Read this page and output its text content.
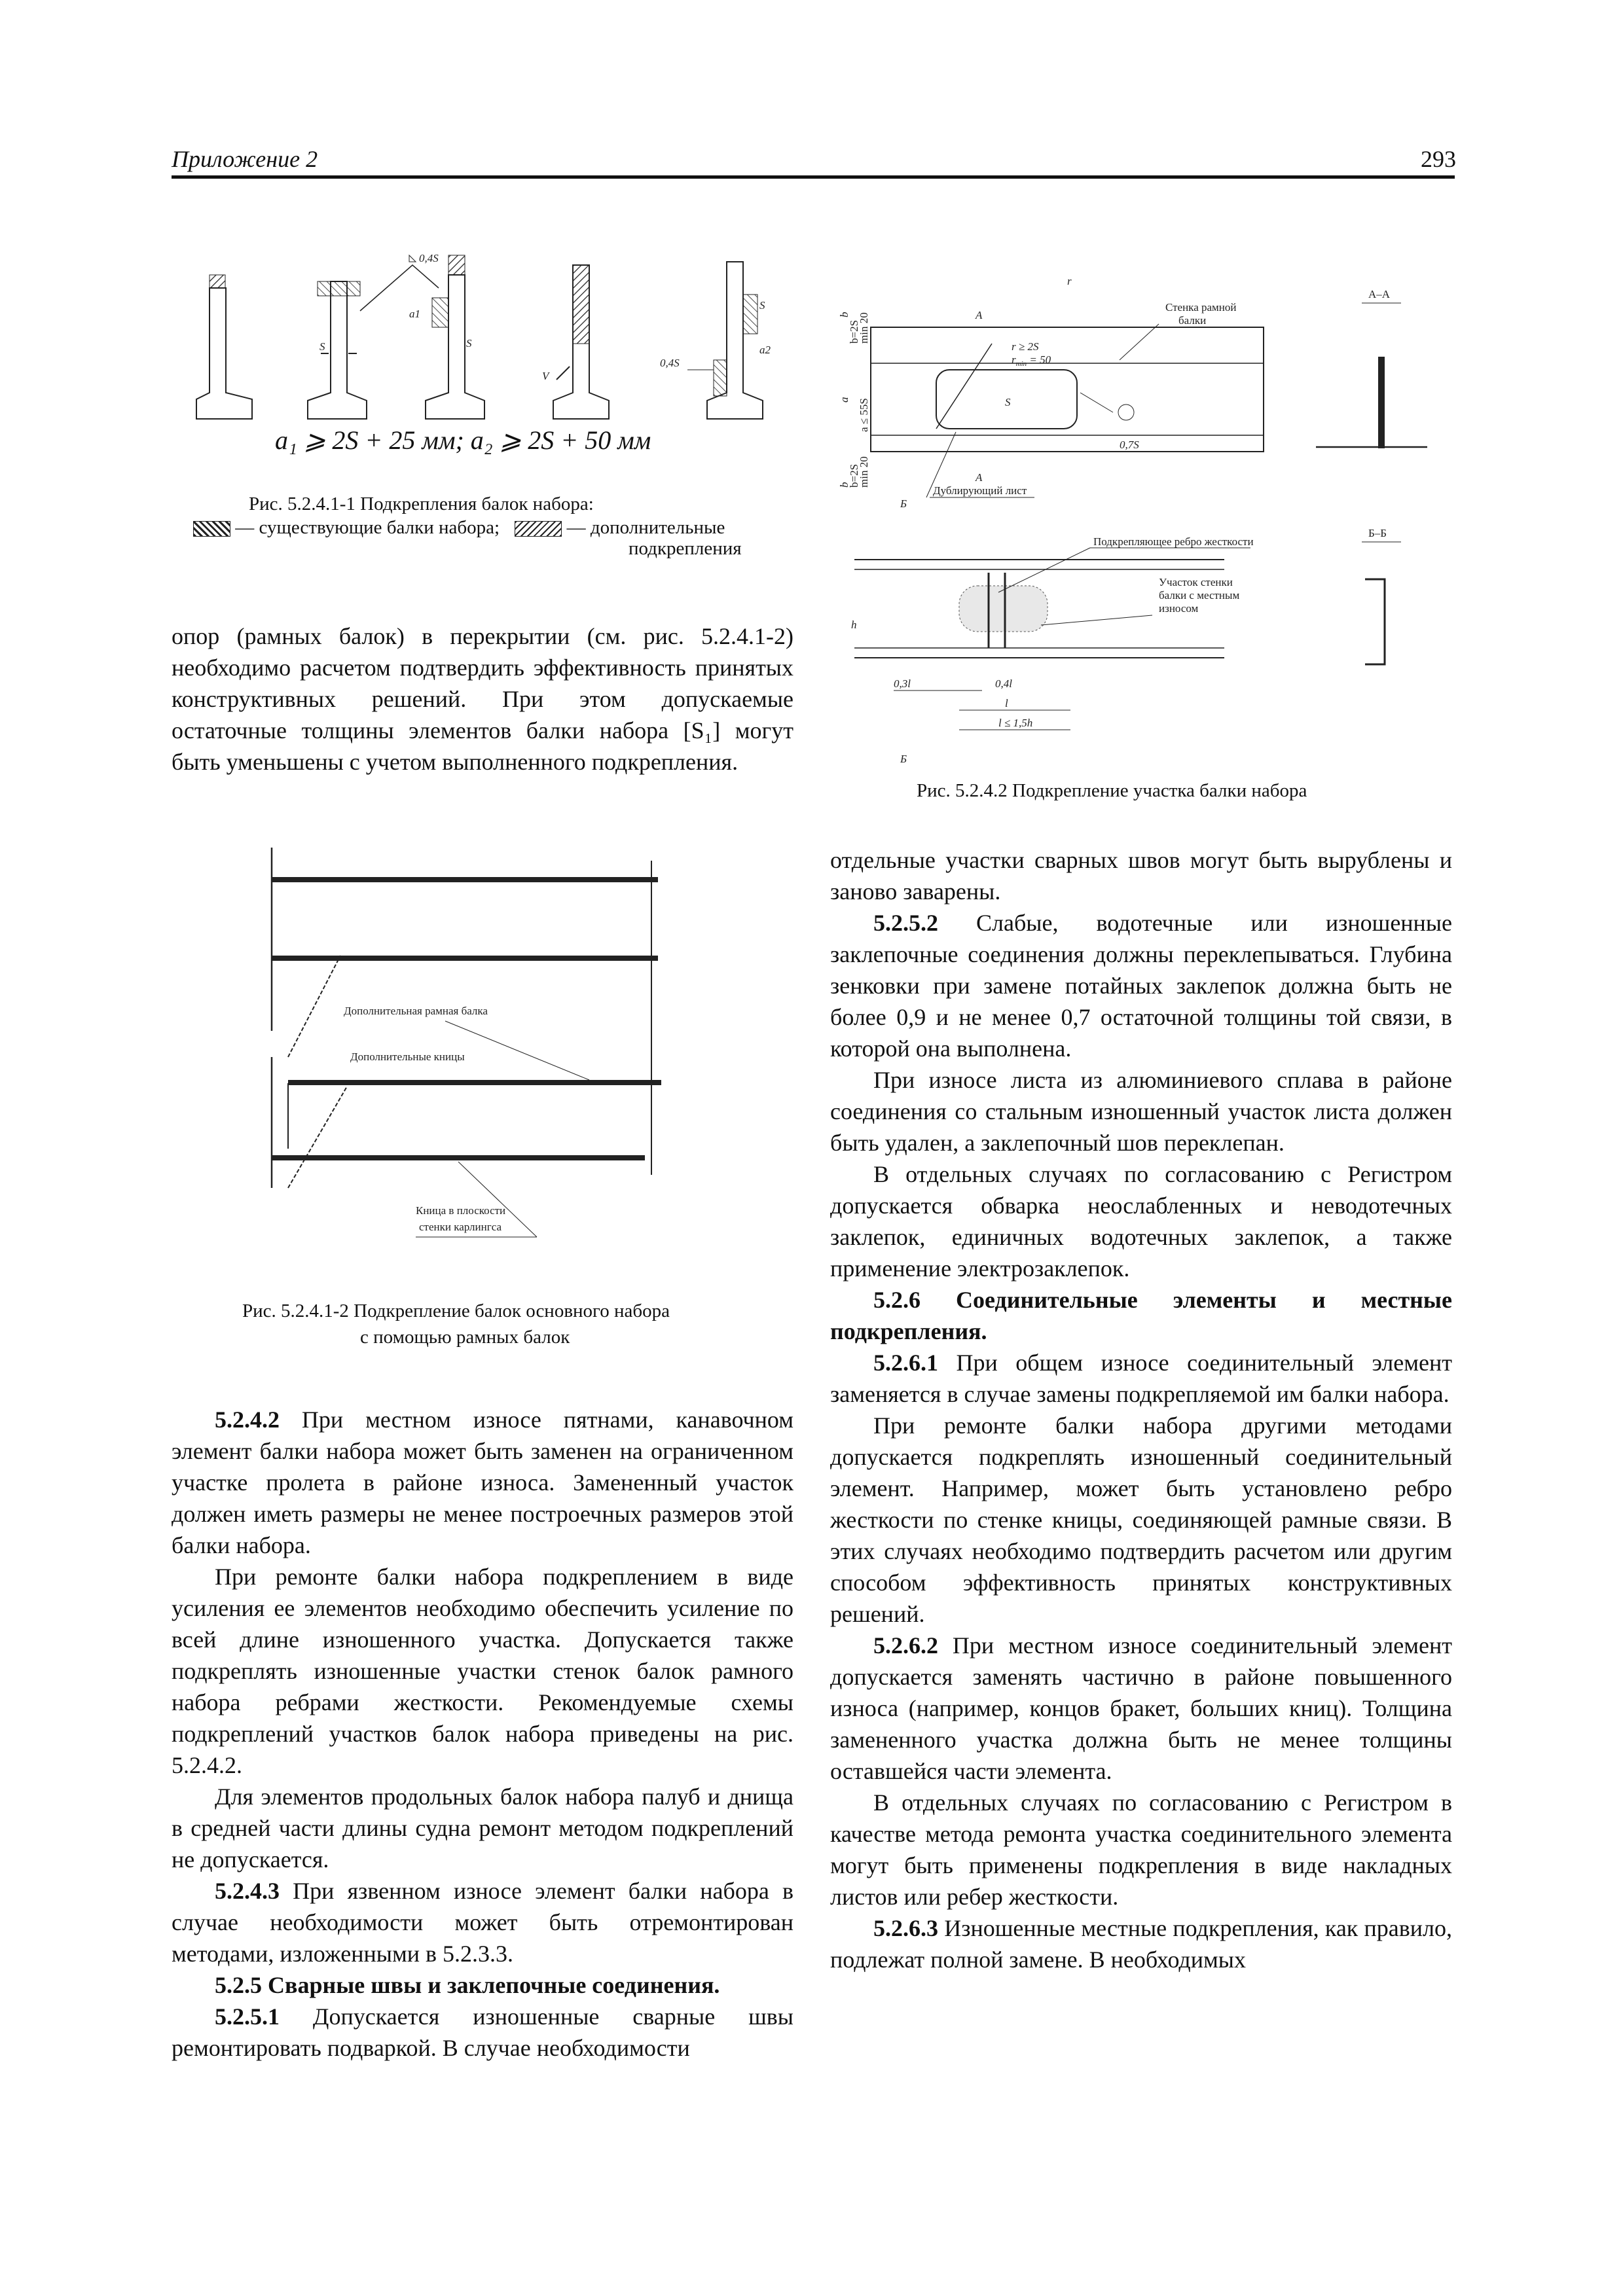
Приложение 2	293
S
a1
S
0,4S
V
S
a2
0,4S
a₁ ⩾ 2S + 25 мм; a₂ ⩾ 2S + 50 мм
Рис. 5.2.4.1-1 Подкрепления балок набора:
— существующие балки набора;	— дополнительные
подкрепления
r ≥ 2S
$r_{min} = 50$
r
S
A
A
Стенка рамной
балки
0,7S
Дублирующий лист
b=2S
min 20
a ≤ 55S
a
b
b=2S
min 20
b
A–A
Б
Б
Подкрепляющее ребро жесткости
Участок стенки
балки с местным
износом
h
0,3l	0,4l
l
l ≤ 1,5h
Б–Б
Рис. 5.2.4.2 Подкрепление участка балки набора
Дополнительная рамная балка
Дополнительные кницы
Кница в плоскости
стенки карлингса
Рис. 5.2.4.1-2 Подкрепление балок основного набора
с помощью рамных балок

опор (рамных балок) в перекрытии (см. рис. 5.2.4.1-2) необходимо расчетом подтвердить эффективность принятых конструктивных решений. При этом допускаемые остаточные толщины элементов балки набора [S₁] могут быть уменьшены с учетом выполненного подкрепления.

5.2.4.2 При местном износе пятнами, канавочном элемент балки набора может быть заменен на ограниченном участке пролета в районе износа. Замененный участок должен иметь размеры не менее построечных размеров этой балки набора.

При ремонте балки набора подкреплением в виде усиления ее элементов необходимо обеспечить усиление по всей длине изношенного участка. Допускается также подкреплять изношенные участки стенок балок рамного набора ребрами жесткости. Рекомендуемые схемы подкреплений участков балок набора приведены на рис. 5.2.4.2.

Для элементов продольных балок набора палуб и днища в средней части длины судна ремонт методом подкреплений не допускается.

5.2.4.3 При язвенном износе элемент балки набора в случае необходимости может быть отремонтирован методами, изложенными в 5.2.3.3.

5.2.5 Сварные швы и заклепочные соединения.

5.2.5.1 Допускается изношенные сварные швы ремонтировать подваркой. В случае необходимости

отдельные участки сварных швов могут быть вырублены и заново заварены.

5.2.5.2 Слабые, водотечные или изношенные заклепочные соединения должны переклепываться. Глубина зенковки при замене потайных заклепок должна быть не более 0,9 и не менее 0,7 остаточной толщины той связи, в которой она выполнена.

При износе листа из алюминиевого сплава в районе соединения со стальным изношенный участок листа должен быть удален, а заклепочный шов переклепан.

В отдельных случаях по согласованию с Регистром допускается обварка неослабленных и неводотечных заклепок, единичных водотечных заклепок, а также применение электрозаклепок.

5.2.6 Соединительные элементы и местные подкрепления.

5.2.6.1 При общем износе соединительный элемент заменяется в случае замены подкрепляемой им балки набора.

При ремонте балки набора другими методами допускается подкреплять изношенный соединительный элемент. Например, может быть установлено ребро жесткости по стенке кницы, соединяющей рамные связи. В этих случаях необходимо подтвердить расчетом или другим способом эффективность принятых конструктивных решений.

5.2.6.2 При местном износе соединительный элемент допускается заменять частично в районе повышенного износа (например, концов бракет, больших книц). Толщина замененного участка должна быть не менее толщины оставшейся части элемента.

В отдельных случаях по согласованию с Регистром в качестве метода ремонта участка соединительного элемента могут быть применены подкрепления в виде накладных листов или ребер жесткости.

5.2.6.3 Изношенные местные подкрепления, как правило, подлежат полной замене. В необходимых
